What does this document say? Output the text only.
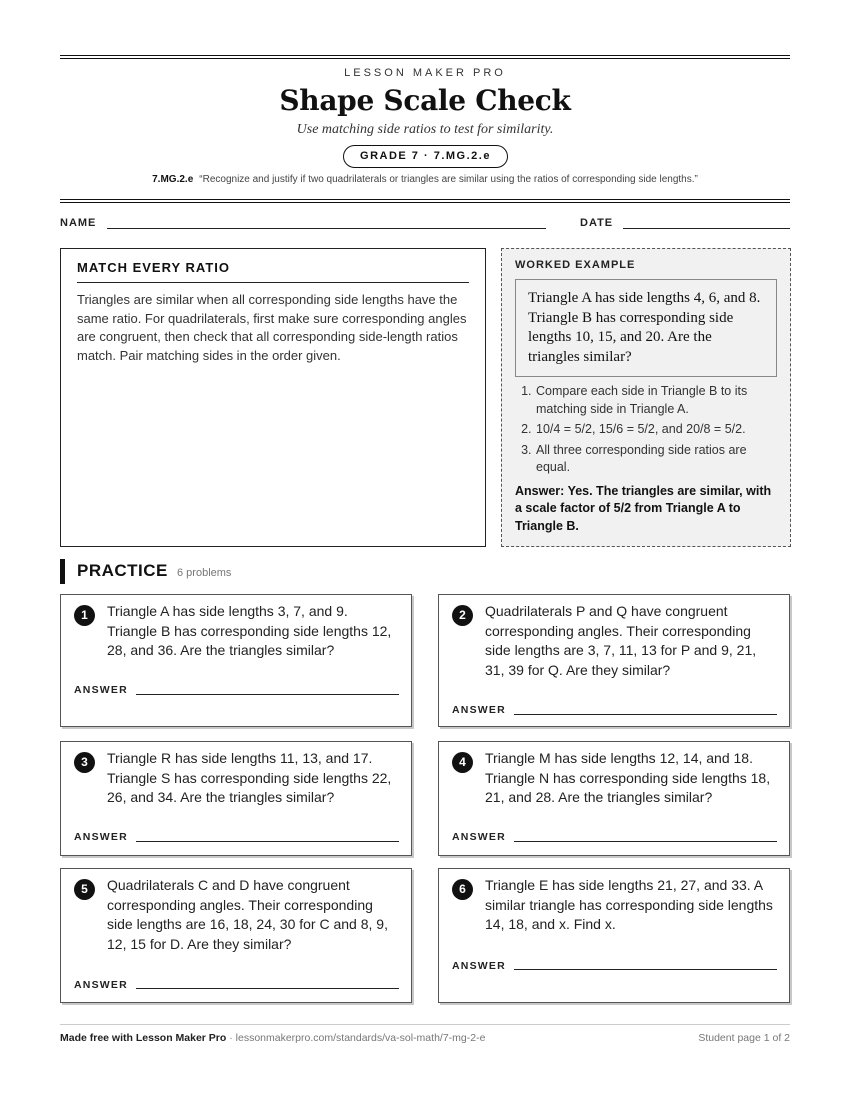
LESSON MAKER PRO
Shape Scale Check
Use matching side ratios to test for similarity.
GRADE 7 · 7.MG.2.e
7.MG.2.e “Recognize and justify if two quadrilaterals or triangles are similar using the ratios of corresponding side lengths.”
NAME	DATE
MATCH EVERY RATIO
Triangles are similar when all corresponding side lengths have the same ratio. For quadrilaterals, first make sure corresponding angles are congruent, then check that all corresponding side-length ratios match. Pair matching sides in the order given.
WORKED EXAMPLE
Triangle A has side lengths 4, 6, and 8. Triangle B has corresponding side lengths 10, 15, and 20. Are the triangles similar?
1. Compare each side in Triangle B to its matching side in Triangle A.
2. 10/4 = 5/2, 15/6 = 5/2, and 20/8 = 5/2.
3. All three corresponding side ratios are equal.
Answer: Yes. The triangles are similar, with a scale factor of 5/2 from Triangle A to Triangle B.
PRACTICE 6 problems
1	Triangle A has side lengths 3, 7, and 9. Triangle B has corresponding side lengths 12, 28, and 36. Are the triangles similar?
ANSWER
2	Quadrilaterals P and Q have congruent corresponding angles. Their corresponding side lengths are 3, 7, 11, 13 for P and 9, 21, 31, 39 for Q. Are they similar?
ANSWER
3	Triangle R has side lengths 11, 13, and 17. Triangle S has corresponding side lengths 22, 26, and 34. Are the triangles similar?
ANSWER
4	Triangle M has side lengths 12, 14, and 18. Triangle N has corresponding side lengths 18, 21, and 28. Are the triangles similar?
ANSWER
5	Quadrilaterals C and D have congruent corresponding angles. Their corresponding side lengths are 16, 18, 24, 30 for C and 8, 9, 12, 15 for D. Are they similar?
ANSWER
6	Triangle E has side lengths 21, 27, and 33. A similar triangle has corresponding side lengths 14, 18, and x. Find x.
ANSWER
Made free with Lesson Maker Pro · lessonmakerpro.com/standards/va-sol-math/7-mg-2-e	Student page 1 of 2
